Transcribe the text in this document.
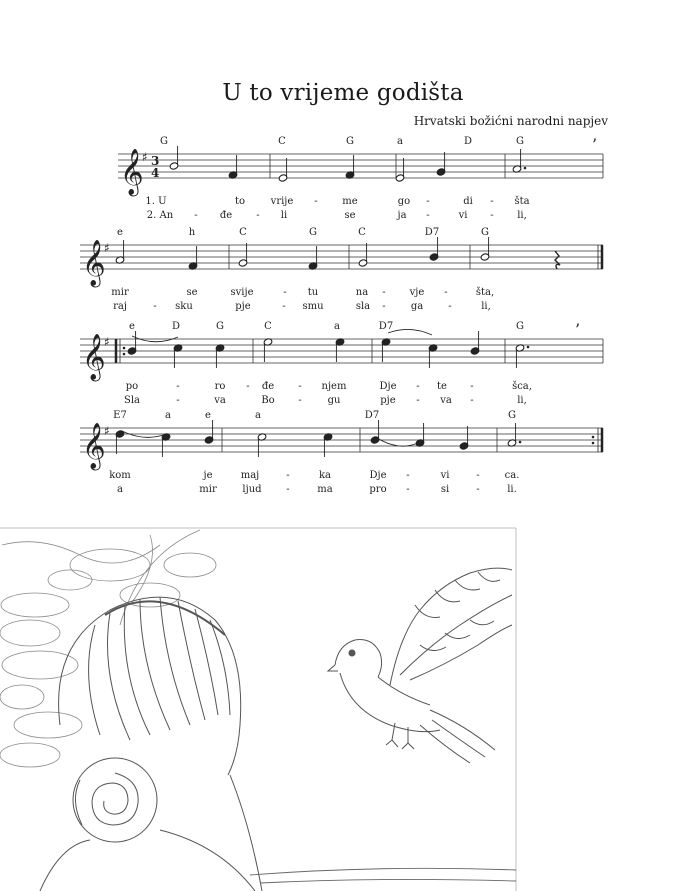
U to vrijeme godišta
Hrvatski božićni narodni napjev
𝄞
♯ 3
4
’
G	C	G	a	D	G
1. U	to	vrije - me	go -	di - šta
2. An - đe - li	se	ja -	vi - li,
𝄞
♯
e	h	C	G	C	D7	G
mir	se	svije	- tu	na - vje -	šta,
raj	- sku	pje	- smu	sla -	ga	-	li,
𝄞
♯
’
e	D	G	C	a	D7	G
po	-	ro - đe - njem	Dje - te -	šca,
Sla	-	va	Bo -	gu	pje - va -	li,
𝄞
♯
E7	a	e	a	D7	G
kom	je	maj	-	ka	Dje -	vi	- ca.
a	mir	ljud -	ma	pro -	si	-	li.
